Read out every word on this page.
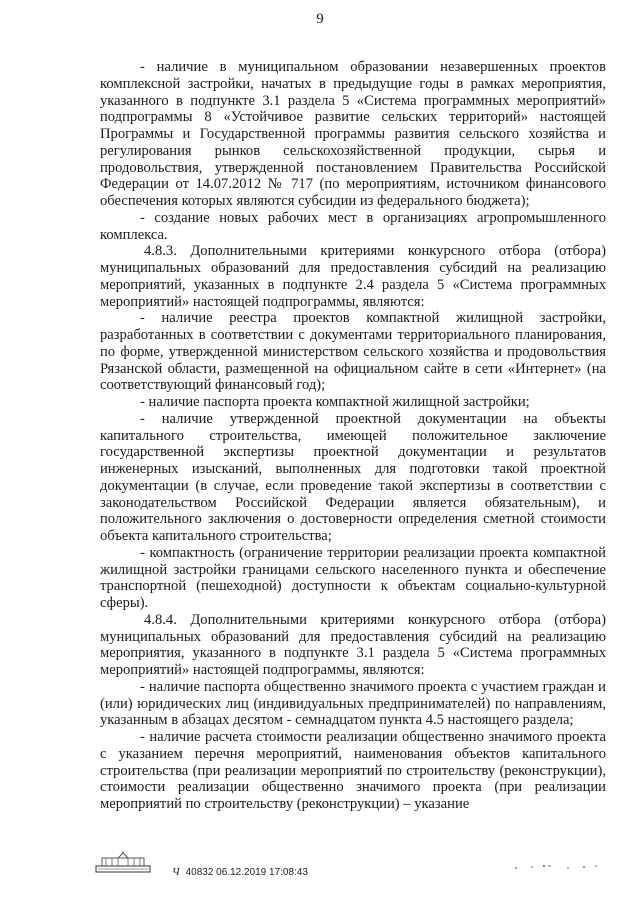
9

- наличие в муниципальном образовании незавершенных проектов комплексной застройки, начатых в предыдущие годы в рамках мероприятия, указанного в подпункте 3.1 раздела 5 «Система программных мероприятий» подпрограммы 8 «Устойчивое развитие сельских территорий» настоящей Программы и Государственной программы развития сельского хозяйства и регулирования рынков сельскохозяйственной продукции, сырья и продовольствия, утвержденной постановлением Правительства Российской Федерации от 14.07.2012 № 717 (по мероприятиям, источником финансового обеспечения которых являются субсидии из федерального бюджета);

- создание новых рабочих мест в организациях агропромышленного комплекса.

4.8.3. Дополнительными критериями конкурсного отбора (отбора) муниципальных образований для предоставления субсидий на реализацию мероприятий, указанных в подпункте 2.4 раздела 5 «Система программных мероприятий» настоящей подпрограммы, являются:

- наличие реестра проектов компактной жилищной застройки, разработанных в соответствии с документами территориального планирования, по форме, утвержденной министерством сельского хозяйства и продовольствия Рязанской области, размещенной на официальном сайте в сети «Интернет» (на соответствующий финансовый год);

- наличие паспорта проекта компактной жилищной застройки;

- наличие утвержденной проектной документации на объекты капитального строительства, имеющей положительное заключение государственной экспертизы проектной документации и результатов инженерных изысканий, выполненных для подготовки такой проектной документации (в случае, если проведение такой экспертизы в соответствии с законодательством Российской Федерации является обязательным), и положительного заключения о достоверности определения сметной стоимости объекта капитального строительства;

- компактность (ограничение территории реализации проекта компактной жилищной застройки границами сельского населенного пункта и обеспечение транспортной (пешеходной) доступности к объектам социально-культурной сферы).

4.8.4. Дополнительными критериями конкурсного отбора (отбора) муниципальных образований для предоставления субсидий на реализацию мероприятия, указанного в подпункте 3.1 раздела 5 «Система программных мероприятий» настоящей подпрограммы, являются:

- наличие паспорта общественно значимого проекта с участием граждан и (или) юридических лиц (индивидуальных предпринимателей) по направлениям, указанным в абзацах десятом - семнадцатом пункта 4.5 настоящего раздела;

- наличие расчета стоимости реализации общественно значимого проекта с указанием перечня мероприятий, наименования объектов капитального строительства (при реализации мероприятий по строительству (реконструкции), стоимости реализации общественно значимого проекта (при реализации мероприятий по строительству (реконструкции) – указание

Ч 40832 06.12.2019 17:08:43
